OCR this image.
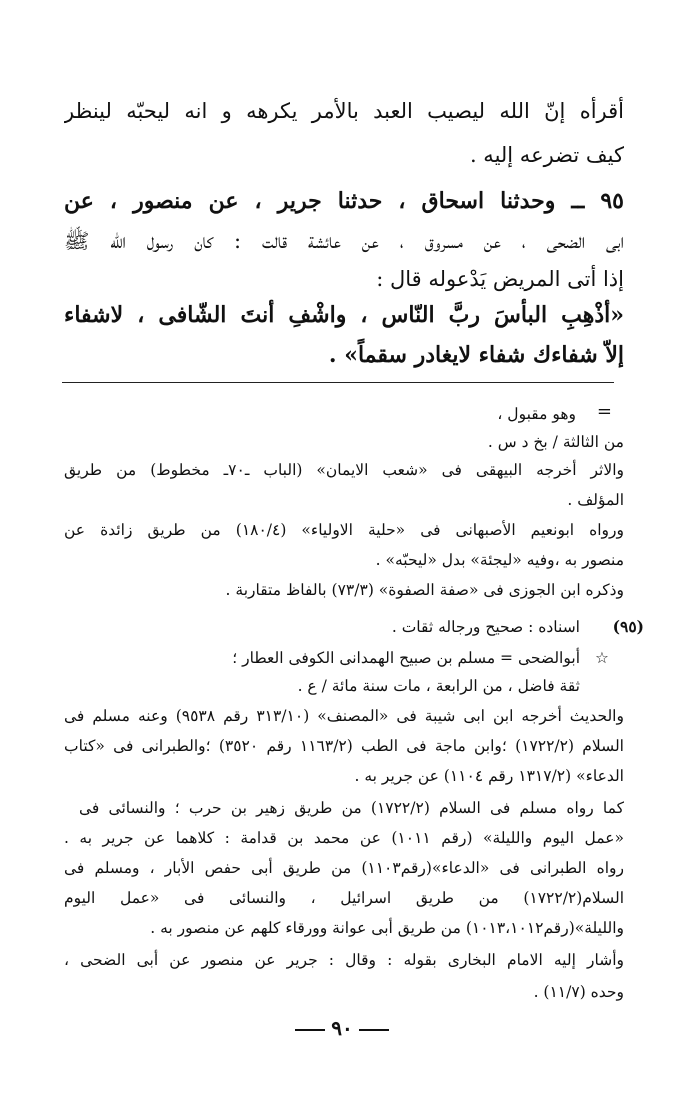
أقرأه إنّ الله ليصيب العبد بالأمر يكرهه و انه ليحبّه لينظر
كيف تضرعه إليه .
٩٥ ــ وحدثنا اسحاق ، حدثنا جرير ، عن منصور ، عن
ابى الضحى ، عن مسروق ، عن عائشة قالت : كان رسول الله ﷺ
إذا أتى المريض يَدْعوله قال :
«أذْهِبِ البأسَ ربَّ النّاس ، واشْفِ أنتَ الشّافى ، لاشفاء
إلاّ شفاءك شفاء لايغادر سقماً» .
=
وهو مقبول ،
من الثالثة / بخ د س .
والاثر أخرجه البيهقى فى «شعب الايمان» (الباب ـ٧٠ـ مخطوط) من طريق
المؤلف .
ورواه ابونعيم الأصبهانى فى «حلية الاولياء» (١٨٠/٤) من طريق زائدة عن
منصور به ،وفيه «ليجئة» بدل «ليحبّه» .
وذكره ابن الجوزى فى «صفة الصفوة» (٧٣/٣) بالفاظ متقاربة .
(٩٥)
اسناده : صحيح ورجاله ثقات .
☆
أبوالضحى = مسلم بن صبيح الهمدانى الكوفى العطار ؛
ثقة فاضل ، من الرابعة ، مات سنة مائة / ع .
والحديث أخرجه ابن ابى شيبة فى «المصنف» (٣١٣/١٠ رقم ٩٥٣٨) وعنه مسلم فى
السلام (١٧٢٢/٢) ؛وابن ماجة فى الطب (١١٦٣/٢ رقم ٣٥٢٠) ؛والطبرانى فى «كتاب
الدعاء» (١٣١٧/٢ رقم ١١٠٤) عن جرير به .
كما رواه مسلم فى السلام (١٧٢٢/٢) من طريق زهير بن حرب ؛ والنسائى فى
«عمل اليوم والليلة» (رقم ١٠١١) عن محمد بن قدامة : كلاهما عن جرير به .
رواه الطبرانى فى «الدعاء»(رقم١١٠٣) من طريق أبى حفص الأبار ، ومسلم فى
السلام(١٧٢٢/٢) من طريق اسرائيل ، والنسائى فى «عمل اليوم
والليلة»(رقم١٠١٣،١٠١٢) من طريق أبى عوانة وورقاء كلهم عن منصور به .
وأشار إليه الامام البخارى بقوله : وقال : جرير عن منصور عن أبى الضحى ،
وحده (١١/٧) .
٩٠
